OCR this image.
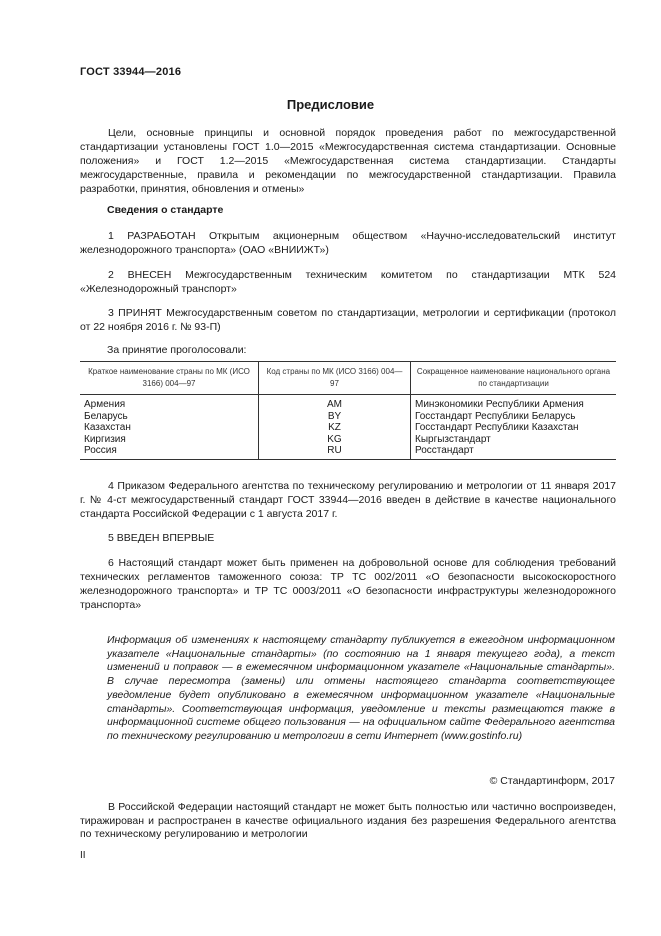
ГОСТ 33944—2016
Предисловие
Цели, основные принципы и основной порядок проведения работ по межгосударственной стандартизации установлены ГОСТ 1.0—2015 «Межгосударственная система стандартизации. Основные положения» и ГОСТ 1.2—2015 «Межгосударственная система стандартизации. Стандарты межгосударственные, правила и рекомендации по межгосударственной стандартизации. Правила разработки, принятия, обновления и отмены»
Сведения о стандарте
1 РАЗРАБОТАН Открытым акционерным обществом «Научно-исследовательский институт железнодорожного транспорта» (ОАО «ВНИИЖТ»)
2 ВНЕСЕН Межгосударственным техническим комитетом по стандартизации МТК 524 «Железнодорожный транспорт»
3 ПРИНЯТ Межгосударственным советом по стандартизации, метрологии и сертификации (протокол от 22 ноября 2016 г. № 93-П)
За принятие проголосовали:
Краткое наименование страны по МК (ИСО 3166) 004—97	Код страны по МК (ИСО 3166) 004—97	Сокращенное наименование национального органа по стандартизации
Армения	AM	Минэкономики Республики Армения
Беларусь	BY	Госстандарт Республики Беларусь
Казахстан	KZ	Госстандарт Республики Казахстан
Киргизия	KG	Кыргызстандарт
Россия	RU	Росстандарт
4 Приказом Федерального агентства по техническому регулированию и метрологии от 11 января 2017 г. № 4-ст межгосударственный стандарт ГОСТ 33944—2016 введен в действие в качестве национального стандарта Российской Федерации с 1 августа 2017 г.
5 ВВЕДЕН ВПЕРВЫЕ
6 Настоящий стандарт может быть применен на добровольной основе для соблюдения требований технических регламентов таможенного союза: ТР ТС 002/2011 «О безопасности высокоскоростного железнодорожного транспорта» и ТР ТС 0003/2011 «О безопасности инфраструктуры железнодорожного транспорта»
Информация об изменениях к настоящему стандарту публикуется в ежегодном информационном указателе «Национальные стандарты» (по состоянию на 1 января текущего года), а текст изменений и поправок — в ежемесячном информационном указателе «Национальные стандарты». В случае пересмотра (замены) или отмены настоящего стандарта соответствующее уведомление будет опубликовано в ежемесячном информационном указателе «Национальные стандарты». Соответствующая информация, уведомление и тексты размещаются также в информационной системе общего пользования — на официальном сайте Федерального агентства по техническому регулированию и метрологии в сети Интернет (www.gostinfo.ru)
© Стандартинформ, 2017
В Российской Федерации настоящий стандарт не может быть полностью или частично воспроизведен, тиражирован и распространен в качестве официального издания без разрешения Федерального агентства по техническому регулированию и метрологии
II
